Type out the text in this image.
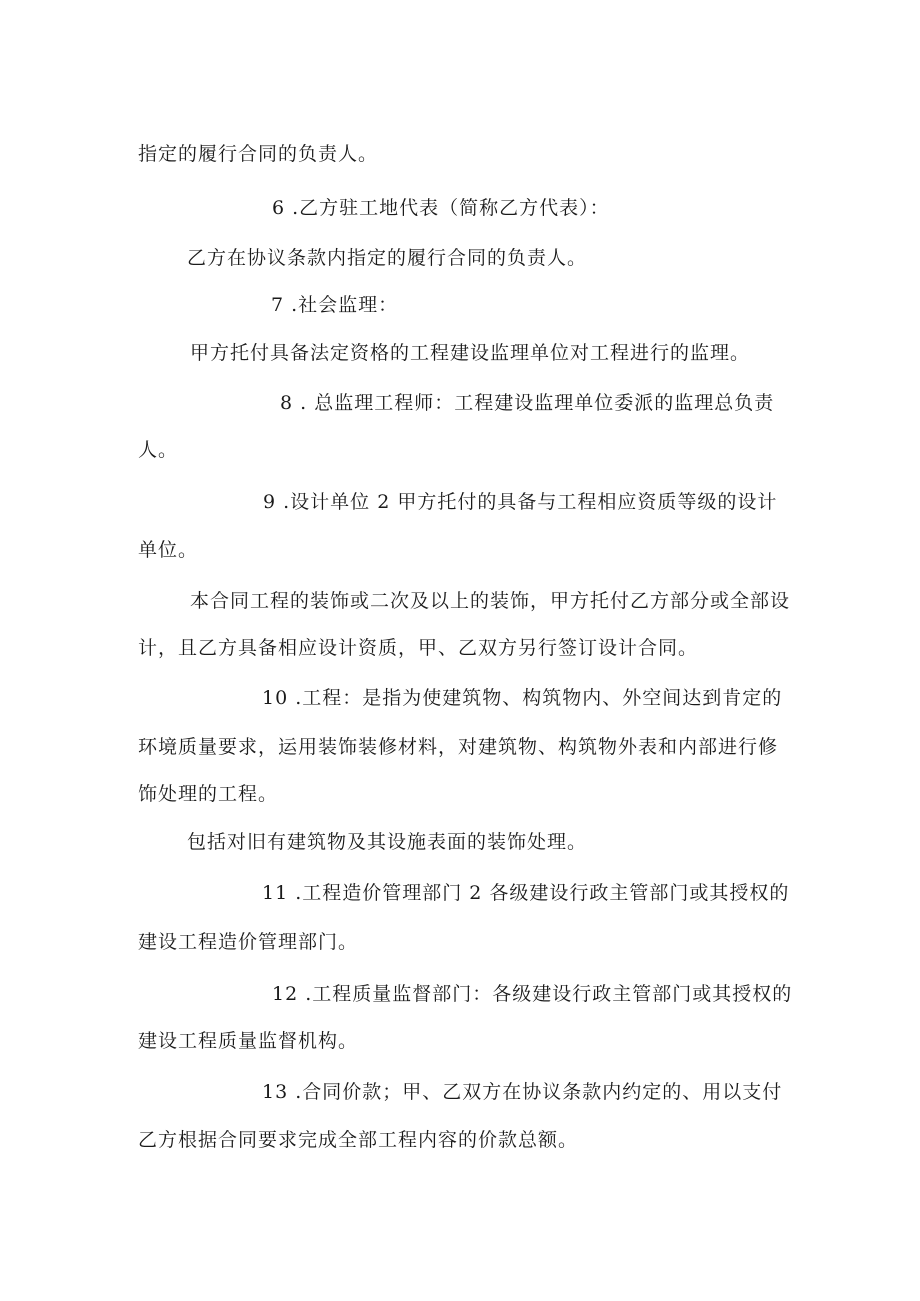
指定的履行合同的负责人。
6 .乙方驻工地代表（简称乙方代表）：
乙方在协议条款内指定的履行合同的负责人。
7 .社会监理：
甲方托付具备法定资格的工程建设监理单位对工程进行的监理。
8 . 总监理工程师：工程建设监理单位委派的监理总负责
人。
9 .设计单位 2 甲方托付的具备与工程相应资质等级的设计
单位。
本合同工程的装饰或二次及以上的装饰，甲方托付乙方部分或全部设
计，且乙方具备相应设计资质，甲、乙双方另行签订设计合同。
10 .工程：是指为使建筑物、构筑物内、外空间达到肯定的
环境质量要求，运用装饰装修材料，对建筑物、构筑物外表和内部进行修
饰处理的工程。
包括对旧有建筑物及其设施表面的装饰处理。
11 .工程造价管理部门 2 各级建设行政主管部门或其授权的
建设工程造价管理部门。
12 .工程质量监督部门：各级建设行政主管部门或其授权的
建设工程质量监督机构。
13 .合同价款；甲、乙双方在协议条款内约定的、用以支付
乙方根据合同要求完成全部工程内容的价款总额。
